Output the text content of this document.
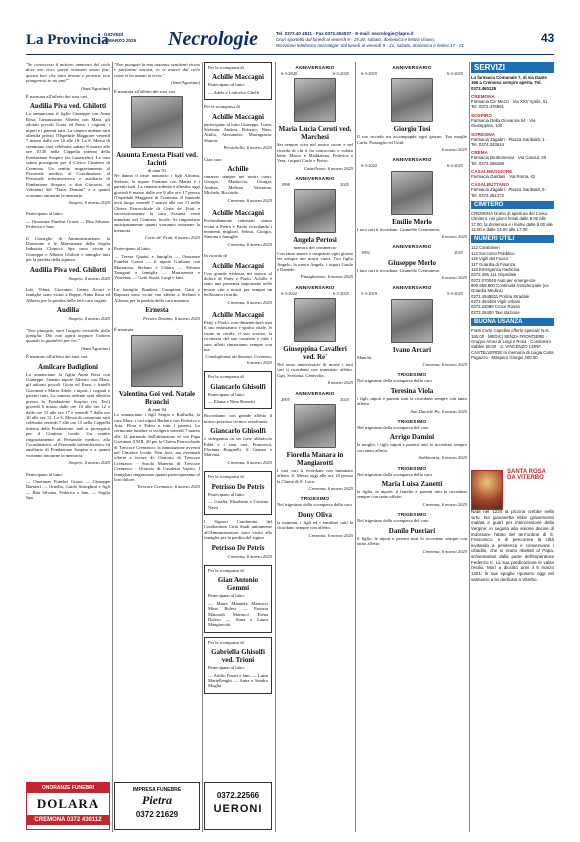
La Provincia
GIOVEDÌ
6 MARZO 2025 Necrologie	Tel. 0372.40 4511 · Fax 0372.404537 · E-mail: necrologie@lapro.it
Orari sportello dal lunedì al venerdì 9 - 19.30, sabato, domenica e festivi chiuso.
Ricezione telefonica necrologie: dal lunedì al venerdì 9 - 21, sabato, domenica e festivi 17 - 21
43

"Se conoscessi il mistero immenso del cielo dove ora vivo, questi orizzonti senza fine, questa luce che tutto investe e penetra, non piangeresti se mi ami!"

(Sant'Agostino)

È mancata all'affetto dei suoi cari

Audilia Piva ved. Ghilotti

Lo annunciano il figlio Giuseppe con Anna Rosa, l'amatissimo Alberto con Mara, gli adorati piccoli Gioia ed Enea, i cognati, i nipoti e i parenti tutti. La camera ardente sarà allestita presso l'Ospedale Maggiore venerdì 7 marzo dalle ore 10 alle 18. La S. Messa di commiato sarà celebrata sabato 8 marzo alle ore 10.30 nella Cappella interna della Fondazione Sospiro (ex Lazzaretto). La cara salma proseguirà per il Civico Cimitero di Cremona. Un sentito ringraziamento al Personale medico, al Coordinatore, al Personale infermieristico e ausiliario di Fondazione Sospiro, a don Giacomo, ai Volontari del "Duos Domini" e a quanti vorranno onorarne la memoria.

Sospiro, 6 marzo 2025

Partecipano al lutto:

— Onoranze Funebri Grassi — Rita Silvana, Federico e fam.

Il Consiglio di Amministrazione, la Direzione e le Maestranze della Soglia Industria Chimica Spa sono vicini a Giuseppe e Alberto Ghilotti e famiglie tutti per la perdita della signora

Audilia Piva ved. Ghilotti
Sospiro, 6 marzo 2025

Iole, Vilma, Giovanni, Geana Arcari e famiglie sono vicini a Beppe, Anna Rosa ed Alberto per la perdita della loro cara cugina

Audilia
Sospiro, 6 marzo 2025

"Non piangete, sarò l'angelo invisibile della famiglia. Dio non agirà neppure l'attimo quando io guarderò per voi."

(Sant'Agostino)

È mancato all'affetto dei suoi cari

Amilcare Badiglioni

Lo annunciano la figlia Anna Rosa con Giuseppe, l'amato nipote Alberto con Mara, gli adorati piccoli Gioia ed Enea, i fratelli Giovanni e Maria Adele, i nipoti, i cognati e parenti tutti. La camera ardente sarà allestita presso la Fondazione Sospiro (ex Tesi) giovedì 6 marzo dalle ore 10 alle ore 12 e dalle ore 15 alle ore 17 e venerdì 7 dalle ore 10 alle ore 12. La S. Messa di commiato sarà celebrata venerdì 7 alle ore 15 nella Cappella interna della Fondazione, indi si proseguirà per il Cimitero locale. Un sentito ringraziamento al Personale medico, alla Coordinatrice, al Personale infermieristico ed ausiliario di Fondazione Sospiro e a quanti vorranno onorarne la memoria.

Sospiro, 6 marzo 2025

Partecipano al lutto:

— Onoranze Funebri Grassi — Giuseppe Barbieri — Ornella, Guido Stringhini e figli — Rita Silvana, Federico e fam. — Soglia Spa

"Non piangete la mia assenza, sentitemi vicino e parlatemi ancora, io vi amerò dal cielo come vi ho amato in terra."

(Sant'Agostino)

È mancata all'affetto dei suoi cari

Assunta Ernesta Pisati ved. Iacinti
di anni 91

Ne danno il triste annuncio i figli Alfonsa, Stefano, la nipote Fiamma con Mattia e i parenti tutti. La camera ardente è allestita oggi giovedì 6 marzo dalle ore 9 alle ore 17 presso l'Ospedale Maggiore di Cremona. Il funerale avrà luogo venerdì 7 marzo alle ore 11 nella Chiesa Parrocchiale di Corte de' Frati e successivamente la cara Assunta verrà tumulata nel Cimitero locale. Si ringraziano anticipatamente quanti vorranno onorarne la memoria.

Corte de' Frati, 6 marzo 2025

Partecipano al lutto:

— Teresa Quaini e famiglia — Onoranze Funebri Grassi — il nipote Giuliano con Mariarosa, Stefano e Chiara — Silvano Tarugoni e famiglia — Mariateresa e Vincenzo — Gatti Sonia, Luigi e fam.

Le famiglie Bandera, Compiani, Gatti e Rapuzzi sono vicini con affetto a Stefano e Alfonsa per la perdita della cara mamma

Ernesta
Persico Dosimo, 6 marzo 2025

È mancata

Valentina Goi ved. Natale Branchi
di anni 94

Lo annunciano i figli Sergio e Raffaella, la cara Mary, i cari nipoti Barbara con Federico e Aria, Flora e Fabio e tutti i parenti. La cerimonia funebre si svolgerà venerdì 7 marzo alle 14 partendo dall'abitazione in via Papa Giovanni XXIII, 20 per la Chiesa Parrocchiale di Trescore Cremasco; la tumulazione avverrà nel Cimitero locale. Non fiori, ma eventuali offerte a favore di: Oratorio di Trescore Cremasco - Scuola Materna di Trescore Cremasco - Oratorio di Casaletto Vaprio. I famigliari ringraziano quanti parteciperanno al loro dolore.

Trescore Cremasco, 6 marzo 2025

Per la scomparsa di

Achille Maccagni

Partecipano al lutto:

— Adele e Lodovico Ghelfi

Per la scomparsa di

Achille Maccagni

partecipano al lutto Giuseppe, Luisa, Stefania, Andrea, Roberto, Nino, Attilia, Alessandro, Mariagrazia, Sharon.

Persichello, 6 marzo 2025

Ciao caro

Achille

rimarrai sempre nei nostri cuori. Giorgio, Mariuccia, Giorgia, Andrea, Melissa, Valentina, Michela, Riccardo.

Cremona, 6 marzo 2025
Achille Maccagni

Profondamente rattristati siamo vicini a Pietro e Paolo ricordando i momenti migliori. Selma, Giorgio, Simona e famiglie.

Cremona, 6 marzo 2025

In ricordo di

Achille Maccagni

Con grande tristezza mi unisco al dolore di Patty e Paolo. Achille è stato una presenza importante nelle nostre vite e nostri per sempre un bellissimo ricordo.

Cremona, 6 marzo 2025
Achille Maccagni

Patty e Paolo: non dimenticherò mai il suo entusiasmo e spirito vitale, le risate in cortile, il suo sorriso, la ricchezza del suo carattere e tutti i suoi affetti rimarranno sempre con me.

Condoglianze da Simona. Cremona, 6 marzo 2025

Per la scomparsa di

Giancarlo Ghisolfi

Partecipano al lutto:

— Eliana e Nino Rossetti

Ricordiamo con grande affetto il nostro prezioso tecnico ortodonzia

Giancarlo Ghisolfi

e stringiamo in un forte abbraccio Edda e i suoi cari. Francesca, Floriana Brugnelli, il Gianna e Malvina.

Cremona, 6 marzo 2025

Per la scomparsa di

Petrisso De Petris

Partecipano al lutto:

— Gisella, Elisabetta e Cristina Nassi

I Signori Condomini del Condominio Città Studi unitamente all'Amministratore sono vicini alla famiglia per la perdita del signor

Petrisso De Petris
Cremona, 6 marzo 2025

Per la scomparsa di

Gian Antonio Gemmi

Partecipano al lutto:

— Maria Manuela Martucci Mina Bolesi — Patrizia Mainardi Martucci Elena Boleso — Anna e Laura Mangiavotti

Per la scomparsa di

Gabriella Ghisolfi ved. Trioni

Partecipano al lutto:

— Attilio Fusari e fam. — Luisa Martellenghi — Anna e Sandro Moglia

ANNIVERSARIO
6-3-2020	6-3-2025
Maria Lucia Ceruti ved. Marchesi

Sei sempre viva nel nostro cuore e nel ricordo di chi ti ha conosciuto e voluto bene. Marco e Maddalena, Federica e Vera, i nipoti Carlo e Pietro.

Castelleone, 6 marzo 2025
ANNIVERSARIO
1998	2025
Angela Pertosi
maestra del commercio

Con tanto amore e rimpianto ogni giorno sei sempre nei nostri cuori. Tuo figlio Angelo, la nuora Angela, i nipoti Guido e Daniele.

Pizzighettone, 6 marzo 2025
ANNIVERSARIO
6-3-2022	6-3-2025
Giuseppina Cavalleri ved. Re'

Nel terzo anniversario di morte i tuoi cari ti ricordano con immutato affetto. Ugo, Svetlana. Genivolta,

6 marzo 2025
ANNIVERSARIO
2005	2025
Fiorella Manara in Mangiarotti

I tuoi cari ti ricordano con immutato affetto. S. Messa oggi alle ore 18 presso la Chiesa di S. Luca.

Cremona, 6 marzo 2025
TRIGESIMO

Nel trigesimo della scomparsa della cara

Dony Oliva

la mamma, i figli ed i familiari tutti la ricordano sempre con affetto.

Cremona, 6 marzo 2025
ANNIVERSARIO
6-3-2019	6-3-2025
Giorgio Tosi

Il tuo ricordo mi accompagna ogni giorno. Tua moglie Carla. Pozzaglio ed Uniti,

6 marzo 2025
ANNIVERSARIO
6-3-2022	6-3-2025
Emilio Merlo

I tuoi cari ti ricordano. Grumello Cremonese,

6 marzo 2025
ANNIVERSARIO
1992	2025
Giuseppe Merlo

I tuoi cari ti ricordano. Grumello Cremonese,

6 marzo 2025
ANNIVERSARIO
5-3-2019	5-3-2025
Ivano Arcari

Manchi.

Cremona, 6 marzo 2025
TRIGESIMO

Nel trigesimo della scomparsa della cara

Teresina Viola

i figli, nipoti e parenti tutti la ricordano sempre con tanto affetto.

San Daniele Po, 6 marzo 2025
TRIGESIMO

Nel trigesimo della scomparsa del caro

Arrigo Damini

la moglie, i figli, nipoti e parenti tutti lo ricordano sempre con tanto affetto.

Sabbioneta, 6 marzo 2025
TRIGESIMO

Nel trigesimo della scomparsa della cara

Maria Luisa Zanetti

la figlia, la nipote, il fratello e parenti tutti la ricordano sempre con tanto affetto.

Cremona, 6 marzo 2025
TRIGESIMO

Nel trigesimo della scomparsa del caro

Danilo Pueriari

il figlio, le nipoti e parenti tutti lo ricordano sempre con tanto affetto.

Cremona, 6 marzo 2025
SERVIZI
La farmacia Comunale 7, di via Dante 166 a Cremona sempre aperta. Tel. 0372.460135
CREMONA
Farmacia Ca' Mezzi · Via XXV Aprile, 51 · Tel. 0372.475951
SOSPIRO
Farmacia Della Giovanna 54 · Via Giuseppina, 100
SORESINA
Farmacia Zagabri · Piazza Garibaldi, 1 · Tel. 0374.343624
CREMA
Farmacia Bruttomesso · Via Cavour, 20 · Tel. 0373.256286
CASALMAGGIORE
Farmacia Gardani · Via Roma, 42
CASALBUTTANO
Farmacia Zagabri · Piazza Garibaldi, 9 · Tel. 0374.361472
CIMITERO
CREMONA Orario di apertura del Civico Cimitero: nei giorni feriali dalle 8.00 alle 17.00, la domenica e i festivi dalle 8.00 alle 12.00 e dalle 14.00 alle 17.00.
NUMERI UTILI
112 Carabinieri
113 Soccorso Pubblico
115 Vigili del Fuoco
117 Guardia di Finanza
118 Emergenza medicina
0372.405 111 Ospedale
0372.070040 Aiuti per emergenze
800.658.800 Continuità Assistenziale (ex Guardia Medica)
0372.4549811 Polizia Stradale
0372.454484 Vigili Urbani
0372.22080 Croce Rossa
0372.26400 Taxi stazione
BUONA USANZA
Fratti Carlo Capellini offerte speciali: N.N. 150.00 · MEDICI SENZA FRONTIERE · Gruppo Amici di Luigi e Rosa · Condomini Sabbie 50.00 · S. VINCENZO CONF. CASTELVERDE In memoria di Luigia Carla Pugazzo · Maspero Giorgio 200.00
SANTA ROSA DA VITERBO
Nata nel 1234 la piccina crebbe nella virtù. Da giovanetta ebbe gravemente malata e guarì per intercessione della Vergine; in seguito alla visione decise di indossare l'abito del terz'ordine di S. Francesco, e di percorrere la città invitando a penitenza e conversione i cittadini, che si erano ribellati al Papa, schierandosi dalla parte dell'imperatore Federico II. La sua predicazione le valse l'esilio. Morì a diciotto anni il 6 marzo 1251; le sue spoglie riposano oggi nel santuario a lei dedicato a Viterbo.
ONORANZE FUNEBRI
DOLARA
CREMONA 0372 430112
IMPRESA FUNEBRE
Pietra
0372 21629
0372.22566
UERONI
